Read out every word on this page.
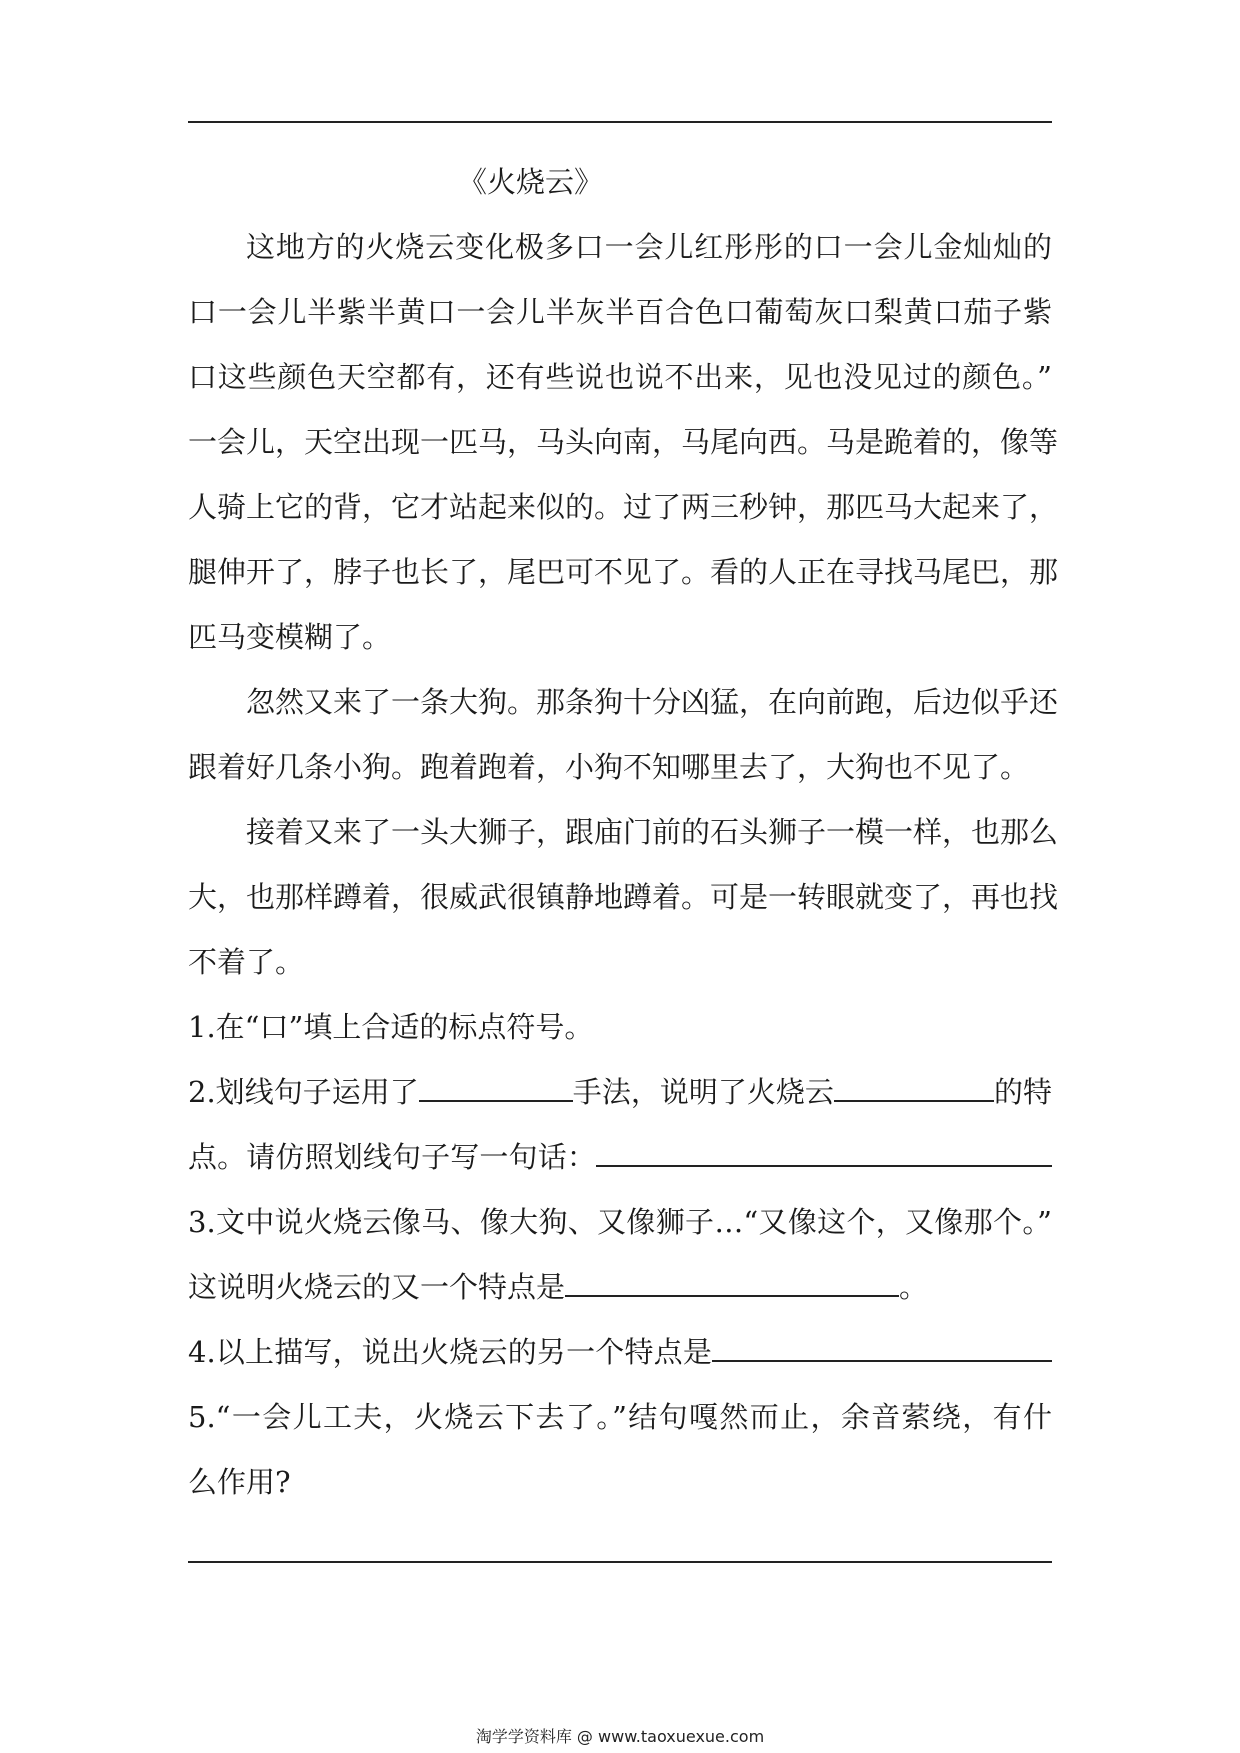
《火烧云》
这地方的火烧云变化极多口一会儿红彤彤的口一会儿金灿灿的
口一会儿半紫半黄口一会儿半灰半百合色口葡萄灰口梨黄口茄子紫
口这些颜色天空都有，还有些说也说不出来，见也没见过的颜色。”
一会儿，天空出现一匹马，马头向南，马尾向西。马是跪着的，像等
人骑上它的背，它才站起来似的。过了两三秒钟，那匹马大起来了，
腿伸开了，脖子也长了，尾巴可不见了。看的人正在寻找马尾巴，那
匹马变模糊了。
忽然又来了一条大狗。那条狗十分凶猛，在向前跑，后边似乎还
跟着好几条小狗。跑着跑着，小狗不知哪里去了，大狗也不见了。
接着又来了一头大狮子，跟庙门前的石头狮子一模一样，也那么
大，也那样蹲着，很威武很镇静地蹲着。可是一转眼就变了，再也找
不着了。
1.在“口”填上合适的标点符号。
2.划线句子运用了	手法，说明了火烧云	的特
点。请仿照划线句子写一句话：
3.文中说火烧云像马、像大狗、又像狮子…“又像这个，又像那个。”
这说明火烧云的又一个特点是	。
4.以上描写，说出火烧云的另一个特点是
5.“一会儿工夫，火烧云下去了。”结句嘎然而止，余音萦绕，有什
么作用?
淘学学资料库 @ www.taoxuexue.com
